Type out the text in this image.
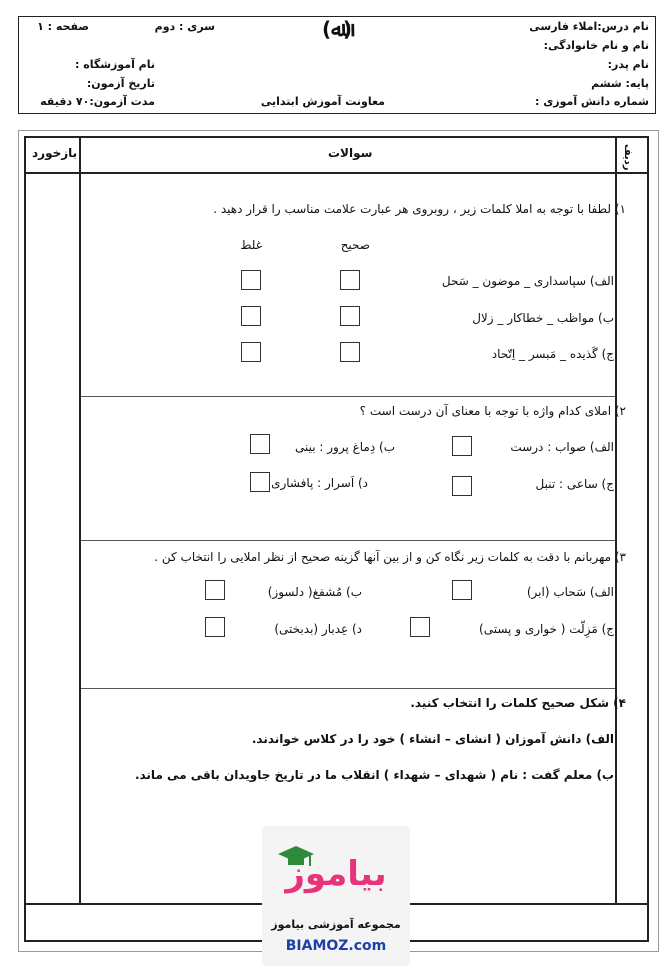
نام درس:املاء فارسی
نام و نام خانوادگی:
نام پدر:
پایه: ششم
شماره دانش آموزی :
سری : دوم
صفحه : ۱
نام آموزشگاه :
تاریخ آزمون:
مدت آزمون:۷۰ دقیقه
(ﷲ)
معاونت آموزش ابتدایی
ردیف
سوالات
بازخورد
۱) لطفا با توجه به املا کلمات زیر ، روبروی هر عبارت علامت مناسب را قرار دهید .
صحیح
غلط
الف) سپاسداری _ موضون _ سَحل
ب) مواظب _ خطاکار _ زلال
ج) گَذیده _ مَبسر _ اِتّحاد
۲) املای کدام واژه با توجه با معنای آن درست است ؟
الف) صواب : درست
ب) دِماغ پرور : بینی
ج) ساعی : تنبل
د) اَسرار : پافشاری
۳) مهربانم با دقت به کلمات زیر نگاه کن و از بین آنها گزینه صحیح از نظر املایی را انتخاب کن .
الف) سَحاب (ابر)
ب) مُشفغ( دلسوز)
ج) مَزِلّت ( خواری و پستی)
د) عِدبار (بدبختی)
۴) شکل صحیح کلمات را انتخاب کنید.
الف) دانش آموزان ( انشای – انشاء ) خود را در کلاس خواندند.
ب) معلم گفت : نام ( شهدای – شهداء ) انقلاب ما در تاریخ جاویدان باقی می ماند.
بیاموز
مجموعه آموزشی بیاموز
BIAMOZ.com
